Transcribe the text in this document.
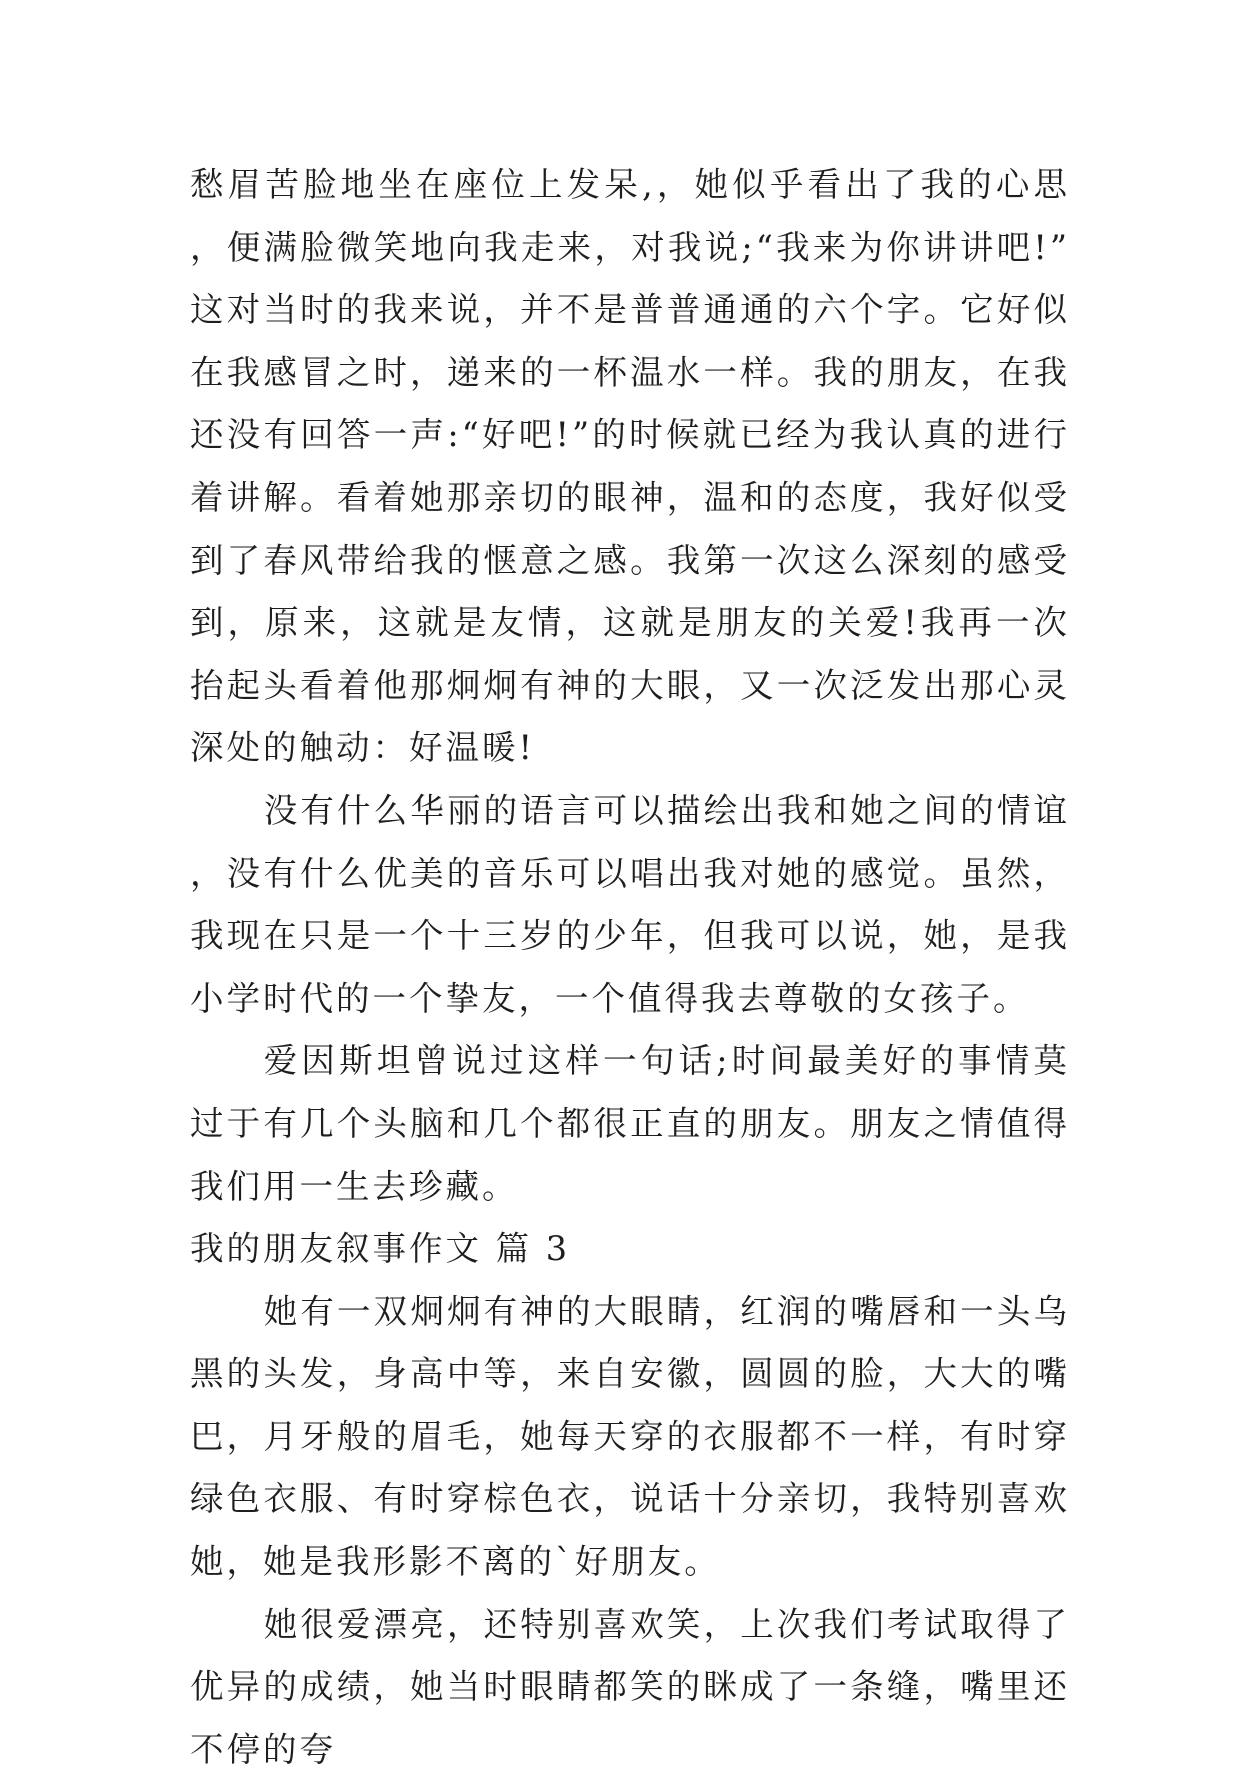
愁眉苦脸地坐在座位上发呆,，她似乎看出了我的心思，便满脸微笑地向我走来，对我说;“我来为你讲讲吧!”这对当时的我来说，并不是普普通通的六个字。它好似在我感冒之时，递来的一杯温水一样。我的朋友，在我还没有回答一声:“好吧!”的时候就已经为我认真的进行着讲解。看着她那亲切的眼神，温和的态度，我好似受到了春风带给我的惬意之感。我第一次这么深刻的感受到，原来，这就是友情，这就是朋友的关爱!我再一次抬起头看着他那炯炯有神的大眼，又一次泛发出那心灵深处的触动：好温暖!

没有什么华丽的语言可以描绘出我和她之间的情谊，没有什么优美的音乐可以唱出我对她的感觉。虽然，我现在只是一个十三岁的少年，但我可以说，她，是我小学时代的一个挚友，一个值得我去尊敬的女孩子。

爱因斯坦曾说过这样一句话;时间最美好的事情莫过于有几个头脑和几个都很正直的朋友。朋友之情值得我们用一生去珍藏。

我的朋友叙事作文 篇 3

她有一双炯炯有神的大眼睛，红润的嘴唇和一头乌黑的头发，身高中等，来自安徽，圆圆的脸，大大的嘴巴，月牙般的眉毛，她每天穿的衣服都不一样，有时穿绿色衣服、有时穿棕色衣，说话十分亲切，我特别喜欢她，她是我形影不离的`好朋友。

她很爱漂亮，还特别喜欢笑，上次我们考试取得了优异的成绩，她当时眼睛都笑的眯成了一条缝，嘴里还不停的夸
